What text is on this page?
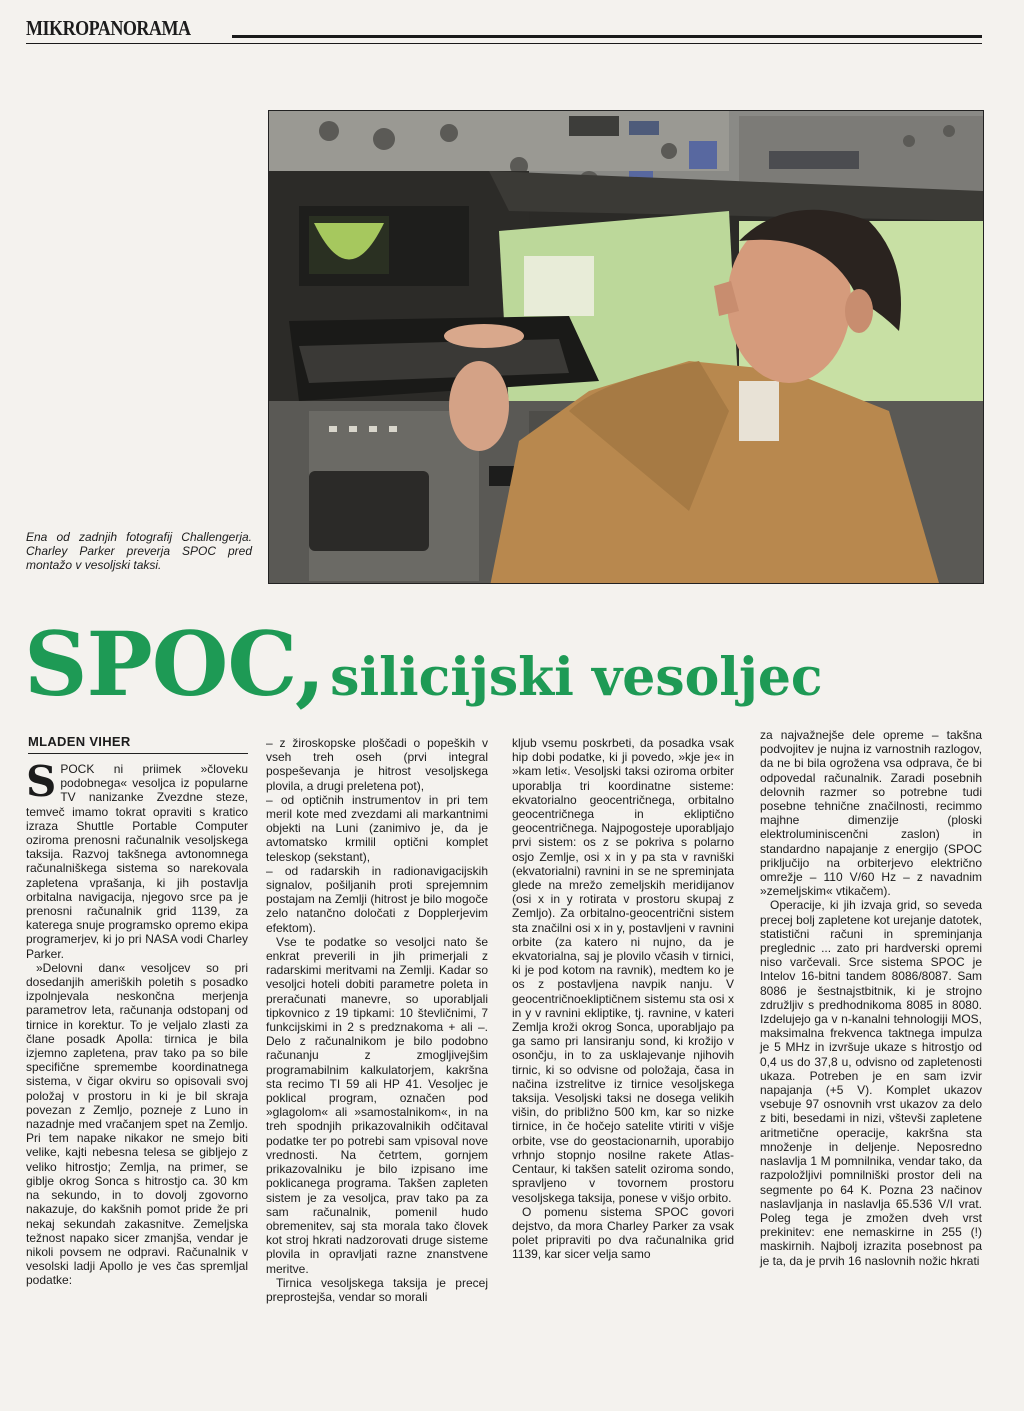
MIKROPANORAMA
Ena od zadnjih fotografij Challengerja. Charley Parker preverja SPOC pred montažo v vesoljski taksi.
SPOC, silicijski vesoljec
MLADEN VIHER

SPOCK ni priimek »človeku podobnega« vesoljca iz popularne TV nanizanke Zvezdne steze, temveč imamo tokrat opraviti s kratico izraza Shuttle Portable Computer oziroma prenosni računalnik vesoljskega taksija. Razvoj takšnega avtonomnega računalniškega sistema so narekovala zapletena vprašanja, ki jih postavlja orbitalna navigacija, njegovo srce pa je prenosni računalnik grid 1139, za katerega snuje programsko opremo ekipa programerjev, ki jo pri NASA vodi Charley Parker.

»Delovni dan« vesoljcev so pri dosedanjih ameriških poletih s posadko izpolnjevala neskončna merjenja parametrov leta, računanja odstopanj od tirnice in korektur. To je veljalo zlasti za člane posadk Apolla: tirnica je bila izjemno zapletena, prav tako pa so bile specifične spremembe koordinatnega sistema, v čigar okviru so opisovali svoj položaj v prostoru in ki je bil skraja povezan z Zemljo, pozneje z Luno in nazadnje med vračanjem spet na Zemljo. Pri tem napake nikakor ne smejo biti velike, kajti nebesna telesa se gibljejo z veliko hitrostjo; Zemlja, na primer, se giblje okrog Sonca s hitrostjo ca. 30 km na sekundo, in to dovolj zgovorno nakazuje, do kakšnih pomot pride že pri nekaj sekundah zakasnitve. Zemeljska težnost napako sicer zmanjša, vendar je nikoli povsem ne odpravi. Računalnik v vesolski ladji Apollo je ves čas spremljal podatke:

– z žiroskopske ploščadi o popeških v vseh treh oseh (prvi integral pospeševanja je hitrost vesoljskega plovila, a drugi preletena pot),

– od optičnih instrumentov in pri tem meril kote med zvezdami ali markantnimi objekti na Luni (zanimivo je, da je avtomatsko krmilil optični komplet teleskop (sekstant),

– od radarskih in radionavigacijskih signalov, pošiljanih proti sprejemnim postajam na Zemlji (hitrost je bilo mogoče zelo natančno določati z Dopplerjevim efektom).

Vse te podatke so vesoljci nato še enkrat preverili in jih primerjali z radarskimi meritvami na Zemlji. Kadar so vesoljci hoteli dobiti parametre poleta in preračunati manevre, so uporabljali tipkovnico z 19 tipkami: 10 števličnimi, 7 funkcijskimi in 2 s predznakoma + ali –. Delo z računalnikom je bilo podobno računanju z zmogljivejšim programabilnim kalkulatorjem, kakršna sta recimo TI 59 ali HP 41. Vesoljec je poklical program, označen pod »glagolom« ali »samostalnikom«, in na treh spodnjih prikazovalnikih odčitaval podatke ter po potrebi sam vpisoval nove vrednosti. Na četrtem, gornjem prikazovalniku je bilo izpisano ime poklicanega programa. Takšen zapleten sistem je za vesoljca, prav tako pa za sam računalnik, pomenil hudo obremenitev, saj sta morala tako človek kot stroj hkrati nadzorovati druge sisteme plovila in opravljati razne znanstvene meritve.

Tirnica vesoljskega taksija je precej preprostejša, vendar so morali

kljub vsemu poskrbeti, da posadka vsak hip dobi podatke, ki ji povedo, »kje je« in »kam leti«. Vesoljski taksi oziroma orbiter uporablja tri koordinatne sisteme: ekvatorialno geocentričnega, orbitalno geocentričnega in ekliptično geocentričnega. Najpogosteje uporabljajo prvi sistem: os z se pokriva s polarno osjo Zemlje, osi x in y pa sta v ravniški (ekvatorialni) ravnini in se ne spreminjata glede na mrežo zemeljskih meridijanov (osi x in y rotirata v prostoru skupaj z Zemljo). Za orbitalno-geocentrični sistem sta značilni osi x in y, postavljeni v ravnini orbite (za katero ni nujno, da je ekvatorialna, saj je plovilo včasih v tirnici, ki je pod kotom na ravnik), medtem ko je os z postavljena navpik nanju. V geocentričnoekliptičnem sistemu sta osi x in y v ravnini ekliptike, tj. ravnine, v kateri Zemlja kroži okrog Sonca, uporabljajo pa ga samo pri lansiranju sond, ki krožijo v osončju, in to za usklajevanje njihovih tirnic, ki so odvisne od položaja, časa in načina izstrelitve iz tirnice vesoljskega taksija. Vesoljski taksi ne dosega velikih višin, do približno 500 km, kar so nizke tirnice, in če hočejo satelite vtiriti v višje orbite, vse do geostacionarnih, uporabijo vrhnjo stopnjo nosilne rakete Atlas-Centaur, ki takšen satelit oziroma sondo, spravljeno v tovornem prostoru vesoljskega taksija, ponese v višjo orbito.

O pomenu sistema SPOC govori dejstvo, da mora Charley Parker za vsak polet pripraviti po dva računalnika grid 1139, kar sicer velja samo

za najvažnejše dele opreme – takšna podvojitev je nujna iz varnostnih razlogov, da ne bi bila ogrožena vsa odprava, če bi odpovedal računalnik. Zaradi posebnih delovnih razmer so potrebne tudi posebne tehnične značilnosti, recimmo majhne dimenzije (ploski elektroluminiscenčni zaslon) in standardno napajanje z energijo (SPOC priključijo na orbiterjevo električno omrežje – 110 V/60 Hz – z navadnim »zemeljskim« vtikačem).

Operacije, ki jih izvaja grid, so seveda precej bolj zapletene kot urejanje datotek, statistični računi in spreminjanja preglednic ... zato pri hardverski opremi niso varčevali. Srce sistema SPOC je Intelov 16-bitni tandem 8086/8087. Sam 8086 je šestnajstbitnik, ki je strojno združljiv s predhodnikoma 8085 in 8080. Izdelujejo ga v n-kanalni tehnologiji MOS, maksimalna frekvenca taktnega impulza je 5 MHz in izvršuje ukaze s hitrostjo od 0,4 us do 37,8 u, odvisno od zapletenosti ukaza. Potreben je en sam izvir napajanja (+5 V). Komplet ukazov vsebuje 97 osnovnih vrst ukazov za delo z biti, besedami in nizi, vštevši zapletene aritmetične operacije, kakršna sta množenje in deljenje. Neposredno naslavlja 1 M pomnilnika, vendar tako, da razpoložljivi pomnilniški prostor deli na segmente po 64 K. Pozna 23 načinov naslavljanja in naslavlja 65.536 V/I vrat. Poleg tega je zmožen dveh vrst prekinitev: ene nemaskirne in 255 (!) maskirnih. Najbolj izrazita posebnost pa je ta, da je prvih 16 naslovnih nožic hkrati
